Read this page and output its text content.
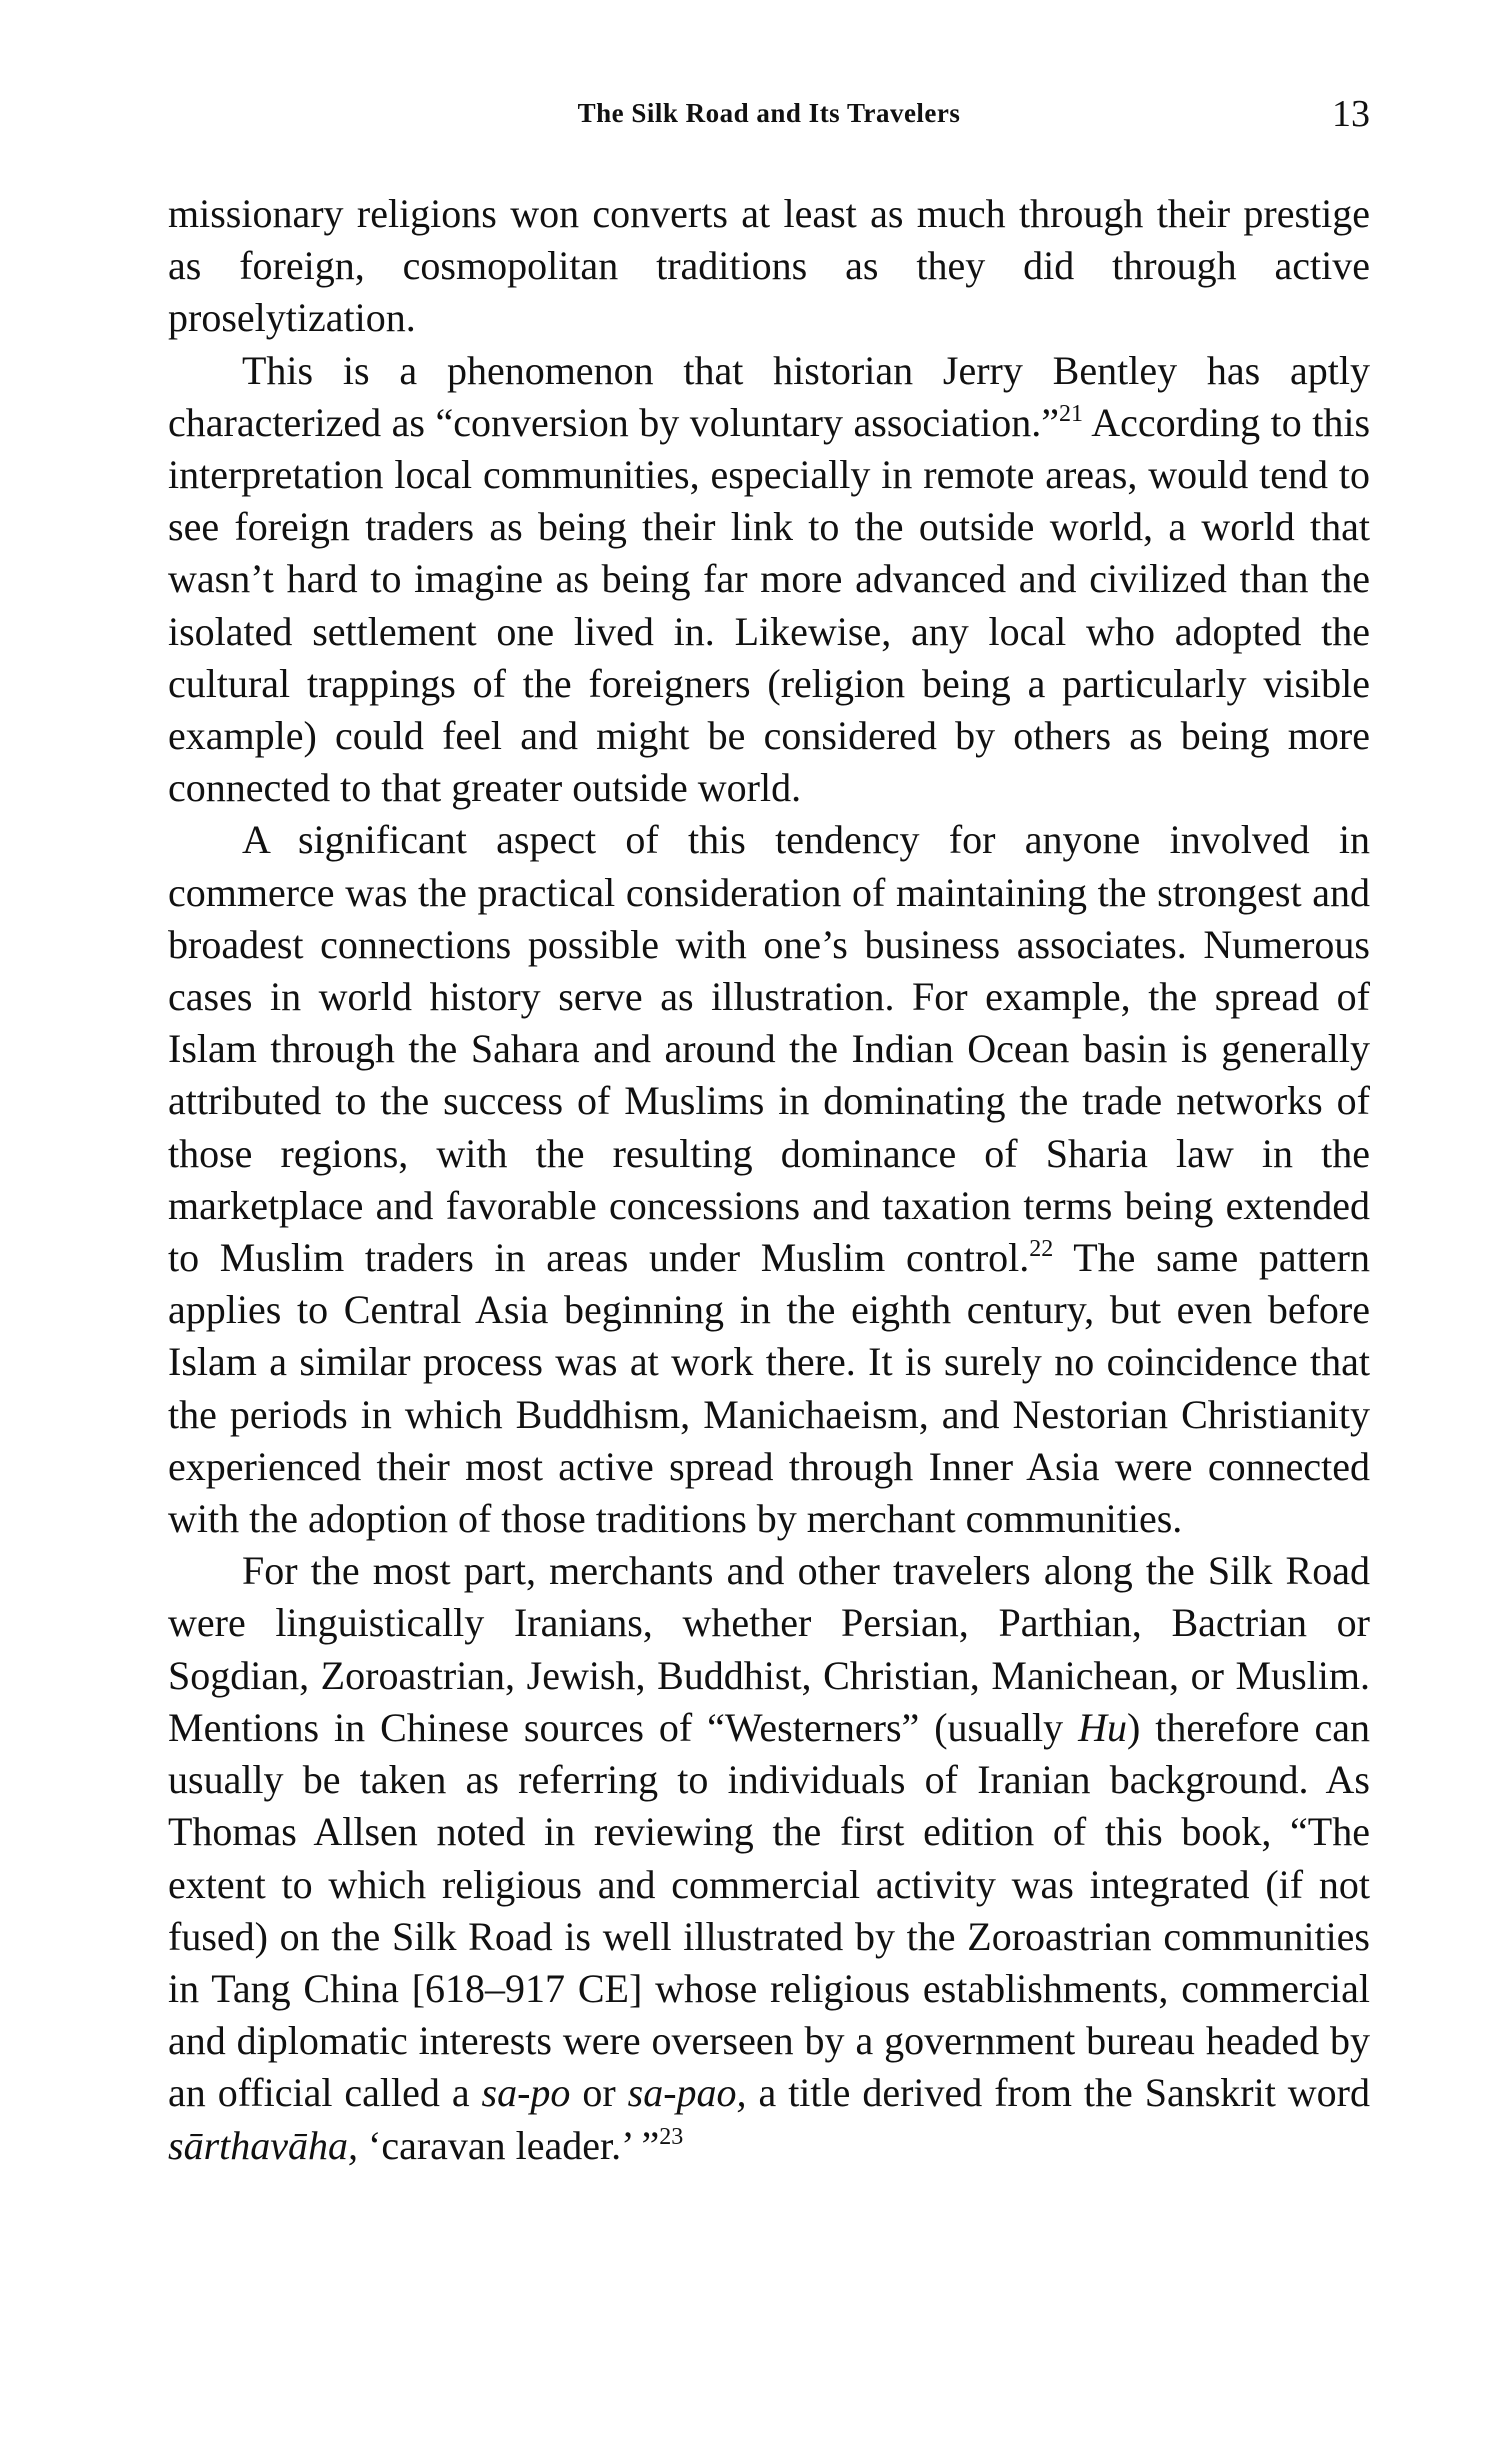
The Silk Road and Its Travelers	13

missionary religions won converts at least as much through their prestige as foreign, cosmopolitan traditions as they did through active proselytization.

This is a phenomenon that historian Jerry Bentley has aptly characterized as “conversion by voluntary association.”$^{21}$ According to this interpretation local communities, especially in remote areas, would tend to see foreign traders as being their link to the outside world, a world that wasn’t hard to imagine as being far more advanced and civilized than the isolated settlement one lived in. Likewise, any local who adopted the cultural trappings of the foreigners (religion being a particularly visible example) could feel and might be considered by others as being more connected to that greater outside world.

A significant aspect of this tendency for anyone involved in commerce was the practical consideration of maintaining the strongest and broadest connections possible with one’s business associates. Numerous cases in world history serve as illustration. For example, the spread of Islam through the Sahara and around the Indian Ocean basin is generally attributed to the success of Muslims in dominating the trade networks of those regions, with the resulting dominance of Sharia law in the marketplace and favorable concessions and taxation terms being extended to Muslim traders in areas under Muslim control.$^{22}$ The same pattern applies to Central Asia beginning in the eighth century, but even before Islam a similar process was at work there. It is surely no coincidence that the periods in which Buddhism, Manichaeism, and Nestorian Christianity experienced their most active spread through Inner Asia were connected with the adoption of those traditions by merchant communities.

For the most part, merchants and other travelers along the Silk Road were linguistically Iranians, whether Persian, Parthian, Bactrian or Sogdian, Zoroastrian, Jewish, Buddhist, Christian, Manichean, or Muslim. Mentions in Chinese sources of “Westerners” (usually Hu) therefore can usually be taken as referring to individuals of Iranian background. As Thomas Allsen noted in reviewing the first edition of this book, “The extent to which religious and commercial activity was integrated (if not fused) on the Silk Road is well illustrated by the Zoroastrian communities in Tang China [618–917 CE] whose religious establishments, commercial and diplomatic interests were overseen by a government bureau headed by an official called a sa-po or sa-pao, a title derived from the Sanskrit word sārthavāha, ‘caravan leader.’ ”$^{23}$
